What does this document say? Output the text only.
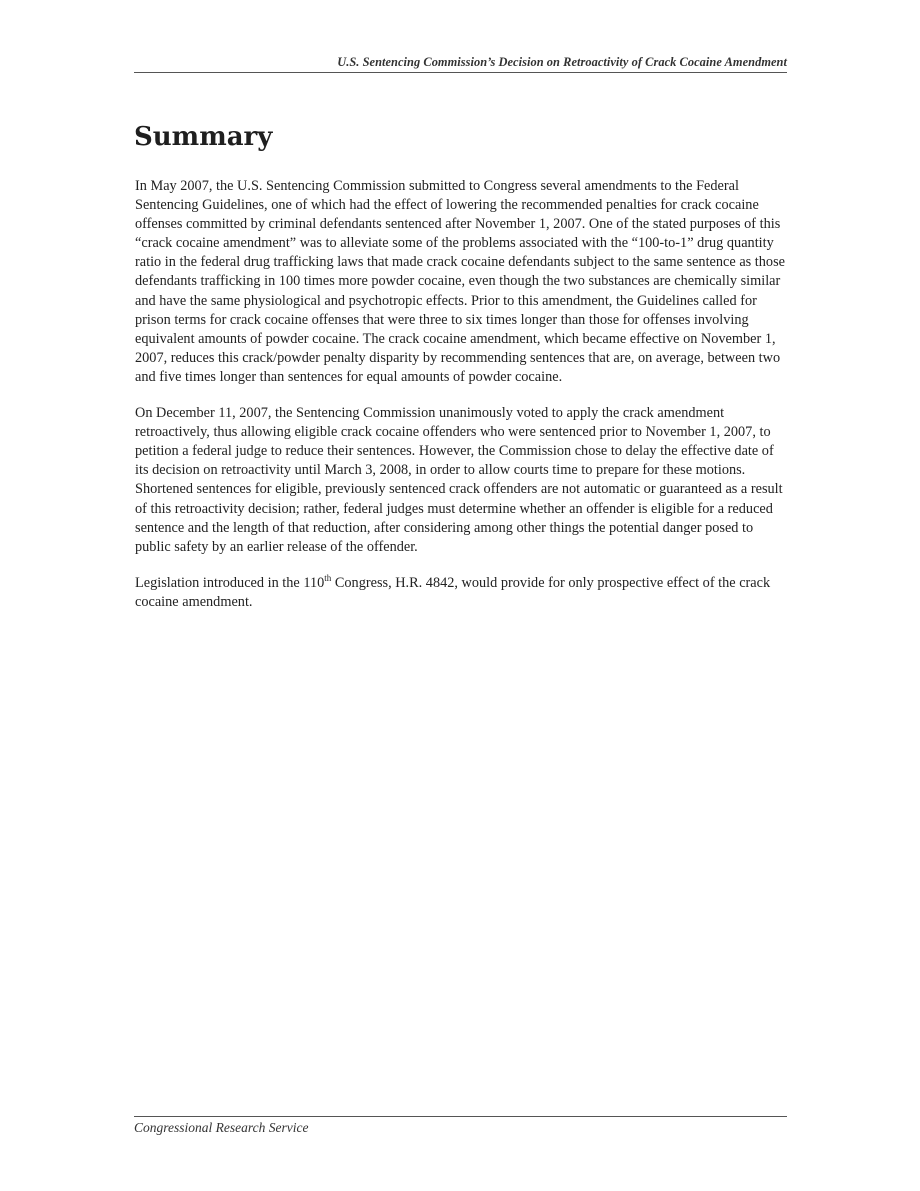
U.S. Sentencing Commission’s Decision on Retroactivity of Crack Cocaine Amendment
Summary

In May 2007, the U.S. Sentencing Commission submitted to Congress several amendments to the Federal Sentencing Guidelines, one of which had the effect of lowering the recommended penalties for crack cocaine offenses committed by criminal defendants sentenced after November 1, 2007. One of the stated purposes of this “crack cocaine amendment” was to alleviate some of the problems associated with the “100-to-1” drug quantity ratio in the federal drug trafficking laws that made crack cocaine defendants subject to the same sentence as those defendants trafficking in 100 times more powder cocaine, even though the two substances are chemically similar and have the same physiological and psychotropic effects. Prior to this amendment, the Guidelines called for prison terms for crack cocaine offenses that were three to six times longer than those for offenses involving equivalent amounts of powder cocaine. The crack cocaine amendment, which became effective on November 1, 2007, reduces this crack/powder penalty disparity by recommending sentences that are, on average, between two and five times longer than sentences for equal amounts of powder cocaine.

On December 11, 2007, the Sentencing Commission unanimously voted to apply the crack amendment retroactively, thus allowing eligible crack cocaine offenders who were sentenced prior to November 1, 2007, to petition a federal judge to reduce their sentences. However, the Commission chose to delay the effective date of its decision on retroactivity until March 3, 2008, in order to allow courts time to prepare for these motions. Shortened sentences for eligible, previously sentenced crack offenders are not automatic or guaranteed as a result of this retroactivity decision; rather, federal judges must determine whether an offender is eligible for a reduced sentence and the length of that reduction, after considering among other things the potential danger posed to public safety by an earlier release of the offender.

Legislation introduced in the 110th Congress, H.R. 4842, would provide for only prospective effect of the crack cocaine amendment.

Congressional Research Service
